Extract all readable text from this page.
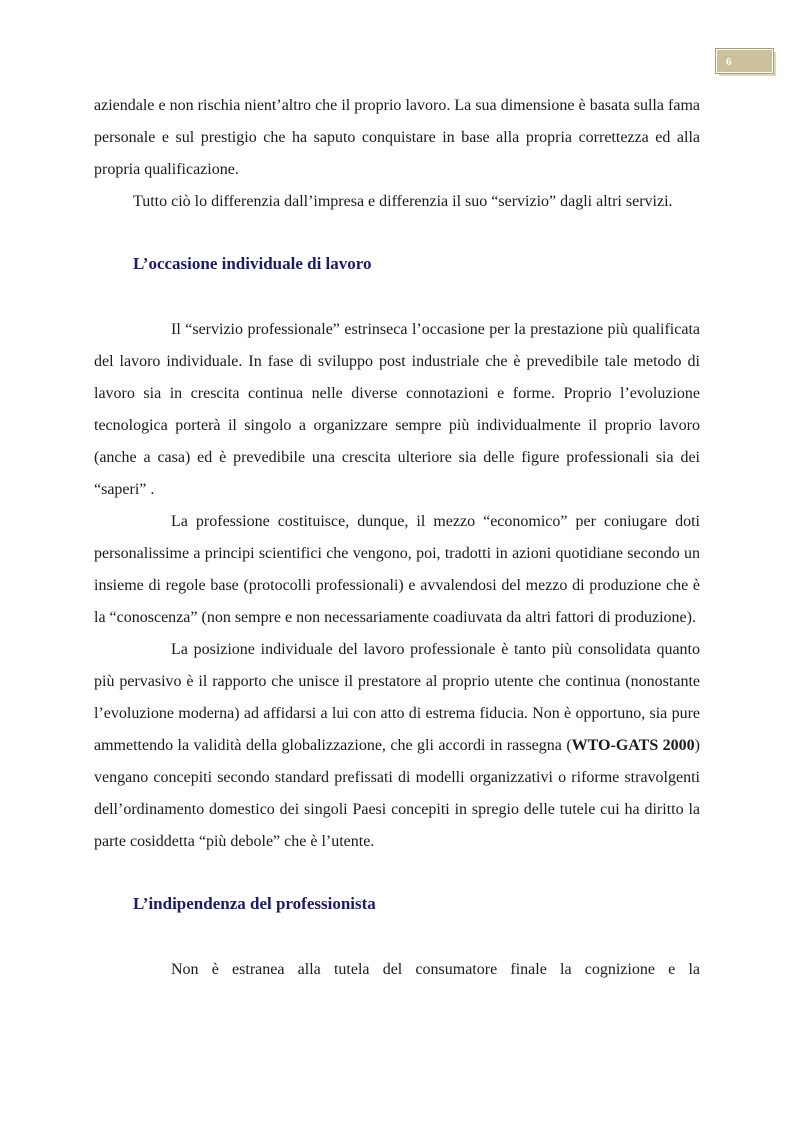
6

aziendale e non rischia nient’altro che il proprio lavoro. La sua dimensione è basata sulla fama personale e sul prestigio che ha saputo conquistare in base alla propria correttezza ed alla propria qualificazione.

Tutto ciò lo differenzia dall’impresa e differenzia il suo “servizio” dagli altri servizi.

L’occasione individuale di lavoro

Il “servizio professionale” estrinseca l’occasione per la prestazione più qualificata del lavoro individuale. In fase di sviluppo post industriale che è prevedibile tale metodo di lavoro sia in crescita continua nelle diverse connotazioni e forme. Proprio l’evoluzione tecnologica porterà il singolo a organizzare sempre più individualmente il proprio lavoro (anche a casa) ed è prevedibile una crescita ulteriore sia delle figure professionali sia dei “saperi” .

La professione costituisce, dunque, il mezzo “economico” per coniugare doti personalissime a principi scientifici che vengono, poi, tradotti in azioni quotidiane secondo un insieme di regole base (protocolli professionali) e avvalendosi del mezzo di produzione che è la “conoscenza” (non sempre e non necessariamente coadiuvata da altri fattori di produzione).

La posizione individuale del lavoro professionale è tanto più consolidata quanto più pervasivo è il rapporto che unisce il prestatore al proprio utente che continua (nonostante l’evoluzione moderna) ad affidarsi a lui con atto di estrema fiducia. Non è opportuno, sia pure ammettendo la validità della globalizzazione, che gli accordi in rassegna (WTO-GATS 2000) vengano concepiti secondo standard prefissati di modelli organizzativi o riforme stravolgenti dell’ordinamento domestico dei singoli Paesi concepiti in spregio delle tutele cui ha diritto la parte cosiddetta “più debole” che è l’utente.

L’indipendenza del professionista

Non è estranea alla tutela del consumatore finale la cognizione e la
